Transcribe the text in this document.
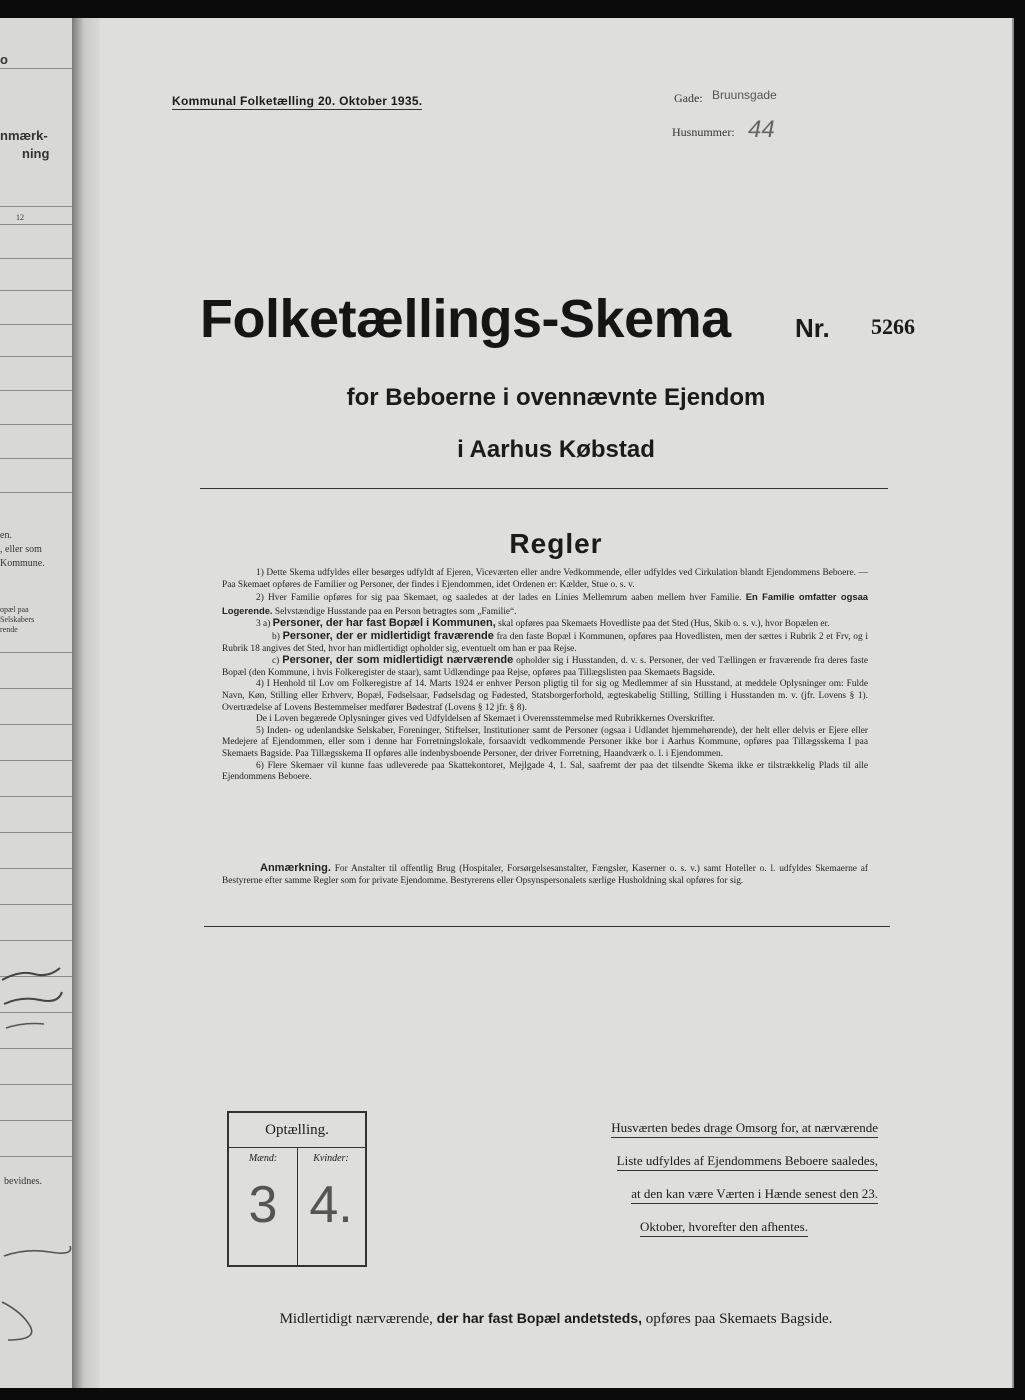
o
nmærk-
ning
12
en.
, eller som
Kommune.
opæl paa
Selskabers
rende
bevidnes.
Kommunal Folketælling 20. Oktober 1935.	Gade: Bruunsgade
Husnummer: 44
Folketællings-Skema Nr. 5266
for Beboerne i ovennævnte Ejendom
i Aarhus Købstad
Regler

1) Dette Skema udfyldes eller besørges udfyldt af Ejeren, Viceværten eller andre Vedkommende, eller udfyldes ved Cirkulation blandt Ejendommens Beboere. — Paa Skemaet opføres de Familier og Personer, der findes i Ejendommen, idet Ordenen er: Kælder, Stue o. s. v.

2) Hver Familie opføres for sig paa Skemaet, og saaledes at der lades en Linies Mellemrum aaben mellem hver Familie. En Familie omfatter ogsaa Logerende. Selvstændige Husstande paa en Person betragtes som „Familie“.

3 a) Personer, der har fast Bopæl i Kommunen, skal opføres paa Skemaets Hovedliste paa det Sted (Hus, Skib o. s. v.), hvor Bopælen er.

b) Personer, der er midlertidigt fraværende fra den faste Bopæl i Kommunen, opføres paa Hovedlisten, men der sættes i Rubrik 2 et Frv, og i Rubrik 18 angives det Sted, hvor han midlertidigt opholder sig, eventuelt om han er paa Rejse.

c) Personer, der som midlertidigt nærværende opholder sig i Husstanden, d. v. s. Personer, der ved Tællingen er fraværende fra deres faste Bopæl (den Kommune, i hvis Folkeregister de staar), samt Udlændinge paa Rejse, opføres paa Tillægslisten paa Skemaets Bagside.

4) I Henhold til Lov om Folkeregistre af 14. Marts 1924 er enhver Person pligtig til for sig og Medlemmer af sin Husstand, at meddele Oplysninger om: Fulde Navn, Køn, Stilling eller Erhverv, Bopæl, Fødselsaar, Fødselsdag og Fødested, Statsborgerforhold, ægteskabelig Stilling, Stilling i Husstanden m. v. (jfr. Lovens § 1). Overtrædelse af Lovens Bestemmelser medfører Bødestraf (Lovens § 12 jfr. § 8).

De i Loven begærede Oplysninger gives ved Udfyldelsen af Skemaet i Overensstemmelse med Rubrikkernes Overskrifter.

5) Inden- og udenlandske Selskaber, Foreninger, Stiftelser, Institutioner samt de Personer (ogsaa i Udlandet hjemmehørende), der helt eller delvis er Ejere eller Medejere af Ejendommen, eller som i denne har Forretningslokale, forsaavidt vedkommende Personer ikke bor i Aarhus Kommune, opføres paa Tillægsskema I paa Skemaets Bagside. Paa Tillægsskema II opføres alle indenbysboende Personer, der driver Forretning, Haandværk o. l. i Ejendommen.

6) Flere Skemaer vil kunne faas udleverede paa Skattekontoret, Mejlgade 4, 1. Sal, saafremt der paa det tilsendte Skema ikke er tilstrækkelig Plads til alle Ejendommens Beboere.

Anmærkning. For Anstalter til offentlig Brug (Hospitaler, Forsørgelsesanstalter, Fængsler, Kaserner o. s. v.) samt Hoteller o. l. udfyldes Skemaerne af Bestyrerne efter samme Regler som for private Ejendomme. Bestyrerens eller Opsynspersonalets særlige Husholdning skal opføres for sig.
Optælling.
Mænd:	Kvinder:
3 4.
Husværten bedes drage Omsorg for, at nærværende
Liste udfyldes af Ejendommens Beboere saaledes,
at den kan være Værten i Hænde senest den 23.
Oktober, hvorefter den afhentes.
Midlertidigt nærværende, der har fast Bopæl andetsteds, opføres paa Skemaets Bagside.
